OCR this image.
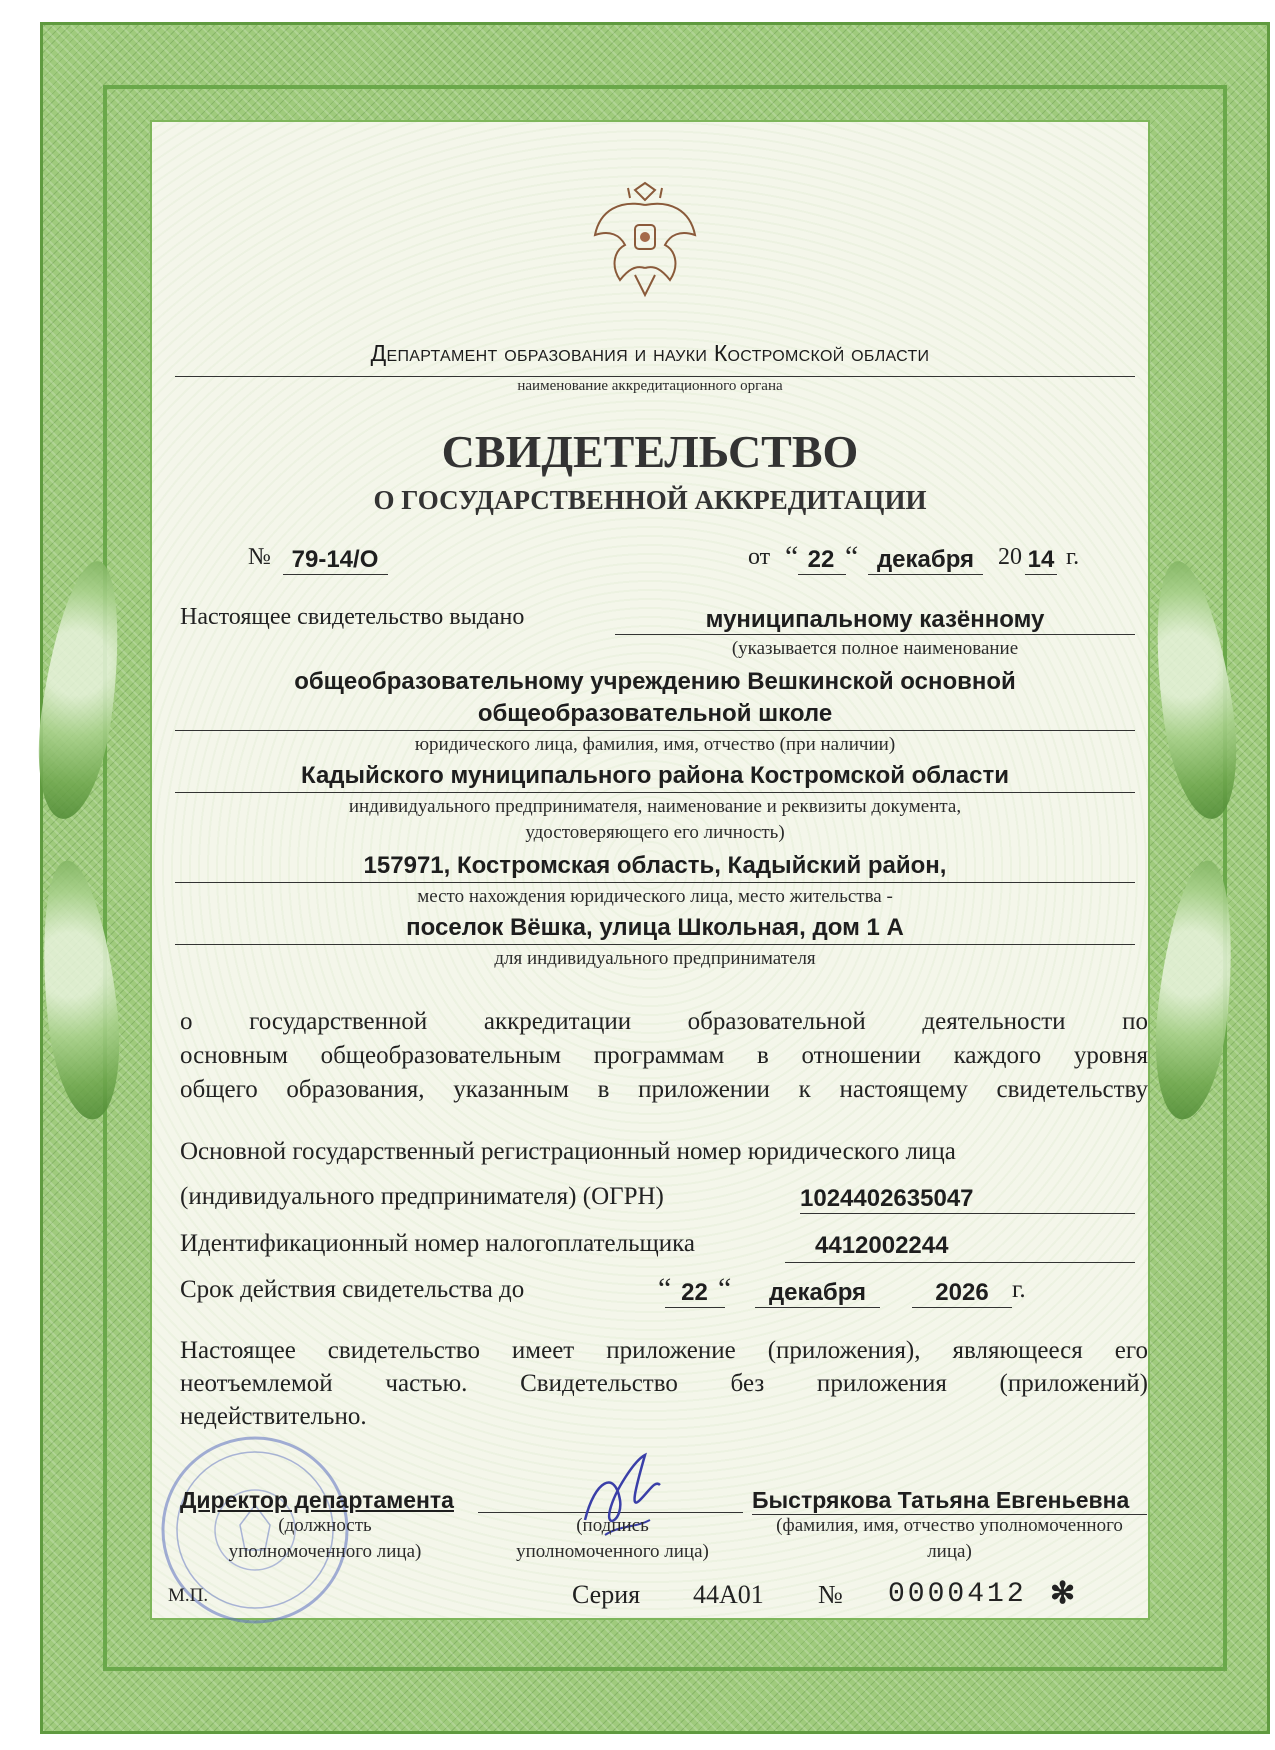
Департамент образования и науки Костромской области
наименование аккредитационного органа
СВИДЕТЕЛЬСТВО
О ГОСУДАРСТВЕННОЙ АККРЕДИТАЦИИ
№ 79-14/О	от “ 22 “ декабря 20 14 г.
Настоящее свидетельство выдано	муниципальному казённому
(указывается полное наименование
общеобразовательному учреждению Вешкинской основной
общеобразовательной школе
юридического лица, фамилия, имя, отчество (при наличии)
Кадыйского муниципального района Костромской области
индивидуального предпринимателя, наименование и реквизиты документа,
удостоверяющего его личность)
157971, Костромская область, Кадыйский район,
место нахождения юридического лица, место жительства -
поселок Вёшка, улица Школьная, дом 1 А
для индивидуального предпринимателя
о государственной аккредитации образовательной деятельности по
основным общеобразовательным программам в отношении каждого уровня
общего образования, указанным в приложении к настоящему свидетельству
Основной государственный регистрационный номер юридического лица
(индивидуального предпринимателя) (ОГРН)	1024402635047
Идентификационный номер налогоплательщика	4412002244
Срок действия свидетельства до	“ 22 “	декабря	2026 г.
Настоящее свидетельство имеет приложение (приложения), являющееся его
неотъемлемой частью. Свидетельство без приложения (приложений)
недействительно.
Директор департамента
(должность
уполномоченного лица)
(подпись
уполномоченного лица)
Быстрякова Татьяна Евгеньевна
(фамилия, имя, отчество уполномоченного
лица)
М.П.	Серия 44А01 № 0000412 ✻
